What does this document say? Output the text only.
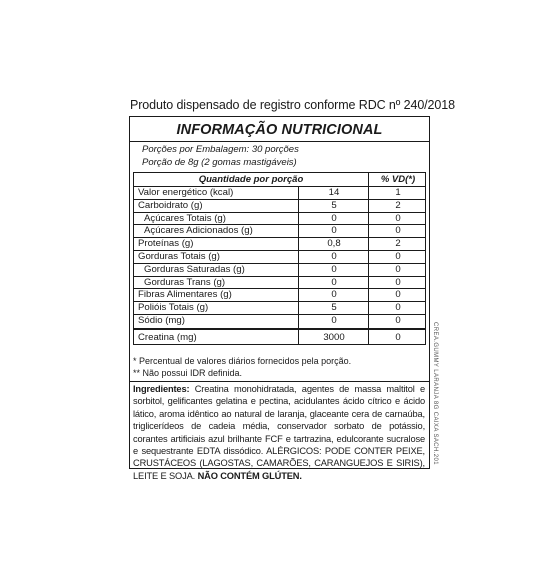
Produto dispensado de registro conforme RDC nº 240/2018
INFORMAÇÃO NUTRICIONAL
Porções por Embalagem: 30 porções
Porção de 8g (2 gomas mastigáveis)
Quantidade por porção	% VD(*)
Valor energético (kcal)	14	1
Carboidrato (g)	5	2
Açúcares Totais (g)	0	0
Açúcares Adicionados (g)	0	0
Proteínas (g)	0,8	2
Gorduras Totais (g)	0	0
Gorduras Saturadas (g)	0	0
Gorduras Trans (g)	0	0
Fibras Alimentares (g)	0	0
Polióis Totais (g)	5	0
Sódio (mg)	0	0
Creatina (mg)	3000	0
* Percentual de valores diários fornecidos pela porção.
** Não possui IDR definida.
Ingredientes: Creatina monohidratada, agentes de massa maltitol e sorbitol, gelificantes gelatina e pectina, acidulantes ácido cítrico e ácido lático, aroma idêntico ao natural de laranja, glaceante cera de carnaúba, triglicerídeos de cadeia média, conservador sorbato de potássio, corantes artificiais azul brilhante FCF e tartrazina, edulcorante sucralose e sequestrante EDTA dissódico. ALÉRGICOS: PODE CONTER PEIXE, CRUSTÁCEOS (LAGOSTAS, CAMARÕES, CARANGUEJOS E SIRIS), LEITE E SOJA. NÃO CONTÉM GLÚTEN.
CREA.GUMMY LARANJA 8G CAIXA SACH.201
